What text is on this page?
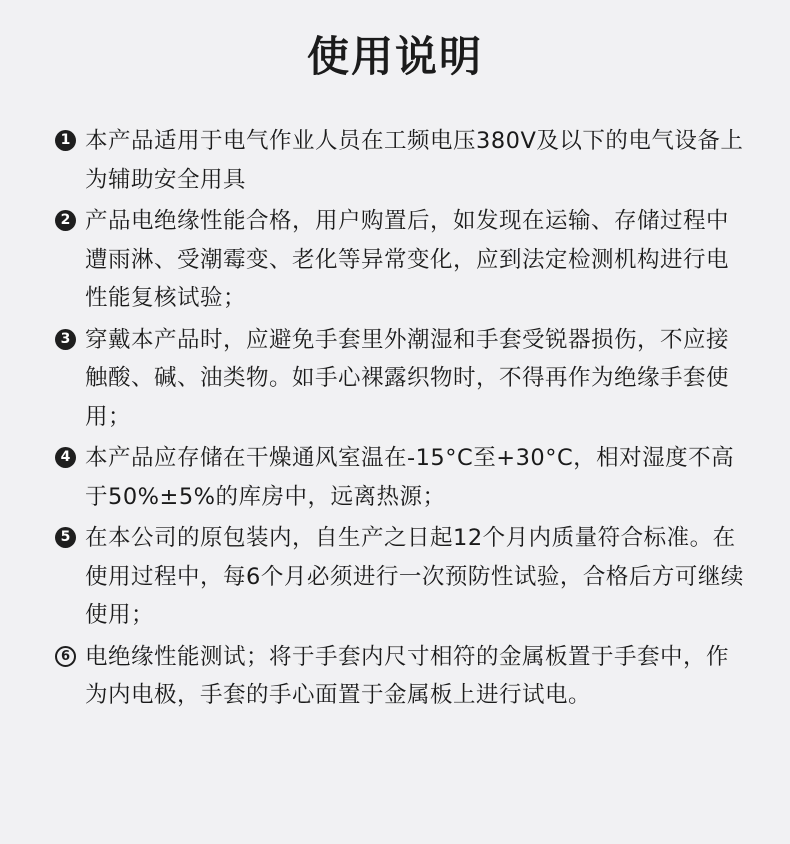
使用说明
1 本产品适用于电气作业人员在工频电压380V及以下的电气设备上为辅助安全用具
2 产品电绝缘性能合格，用户购置后，如发现在运输、存储过程中遭雨淋、受潮霉变、老化等异常变化，应到法定检测机构进行电性能复核试验；
3 穿戴本产品时，应避免手套里外潮湿和手套受锐器损伤，不应接触酸、碱、油类物。如手心裸露织物时，不得再作为绝缘手套使用；
4 本产品应存储在干燥通风室温在-15°C至+30°C，相对湿度不高于50%±5%的库房中，远离热源；
5 在本公司的原包装内，自生产之日起12个月内质量符合标准。在使用过程中，每6个月必须进行一次预防性试验，合格后方可继续使用；
6 电绝缘性能测试；将于手套内尺寸相符的金属板置于手套中，作为内电极，手套的手心面置于金属板上进行试电。
